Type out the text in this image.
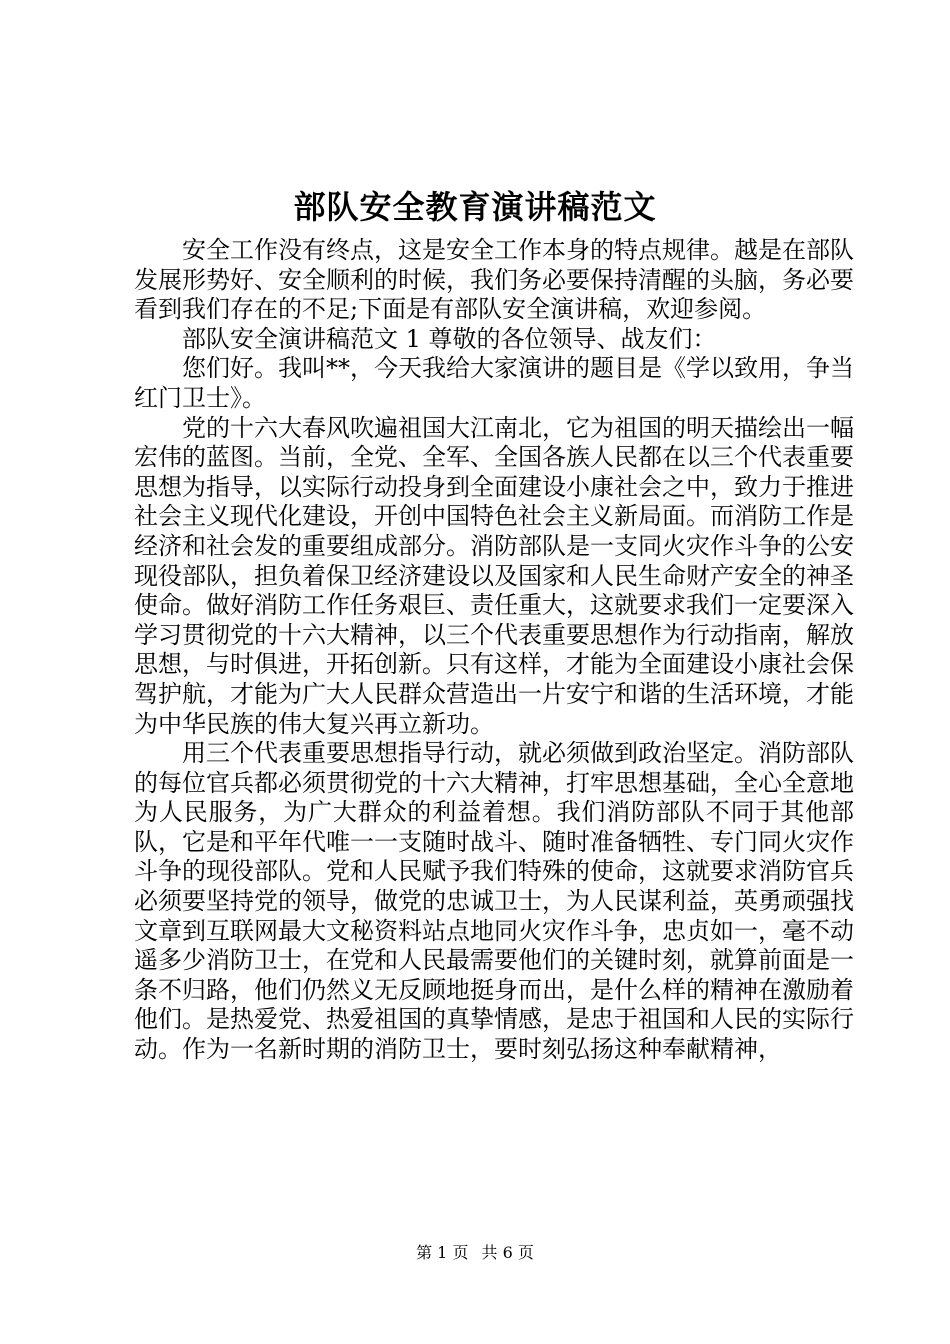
部队安全教育演讲稿范文

安全工作没有终点，这是安全工作本身的特点规律。越是在部队发展形势好、安全顺利的时候，我们务必要保持清醒的头脑，务必要看到我们存在的不足;下面是有部队安全演讲稿，欢迎参阅。

部队安全演讲稿范文 1 尊敬的各位领导、战友们：

您们好。我叫**，今天我给大家演讲的题目是《学以致用，争当红门卫士》。

党的十六大春风吹遍祖国大江南北，它为祖国的明天描绘出一幅宏伟的蓝图。当前，全党、全军、全国各族人民都在以三个代表重要思想为指导，以实际行动投身到全面建设小康社会之中，致力于推进社会主义现代化建设，开创中国特色社会主义新局面。而消防工作是经济和社会发的重要组成部分。消防部队是一支同火灾作斗争的公安现役部队，担负着保卫经济建设以及国家和人民生命财产安全的神圣使命。做好消防工作任务艰巨、责任重大，这就要求我们一定要深入学习贯彻党的十六大精神，以三个代表重要思想作为行动指南，解放思想，与时俱进，开拓创新。只有这样，才能为全面建设小康社会保驾护航，才能为广大人民群众营造出一片安宁和谐的生活环境，才能为中华民族的伟大复兴再立新功。

用三个代表重要思想指导行动，就必须做到政治坚定。消防部队的每位官兵都必须贯彻党的十六大精神，打牢思想基础，全心全意地为人民服务，为广大群众的利益着想。我们消防部队不同于其他部队，它是和平年代唯一一支随时战斗、随时准备牺牲、专门同火灾作斗争的现役部队。党和人民赋予我们特殊的使命，这就要求消防官兵必须要坚持党的领导，做党的忠诚卫士，为人民谋利益，英勇顽强找文章到互联网最大文秘资料站点地同火灾作斗争，忠贞如一，毫不动遥多少消防卫士，在党和人民最需要他们的关键时刻，就算前面是一条不归路，他们仍然义无反顾地挺身而出，是什么样的精神在激励着他们。是热爱党、热爱祖国的真挚情感，是忠于祖国和人民的实际行动。作为一名新时期的消防卫士，要时刻弘扬这种奉献精神，

第 1 页 共 6 页
